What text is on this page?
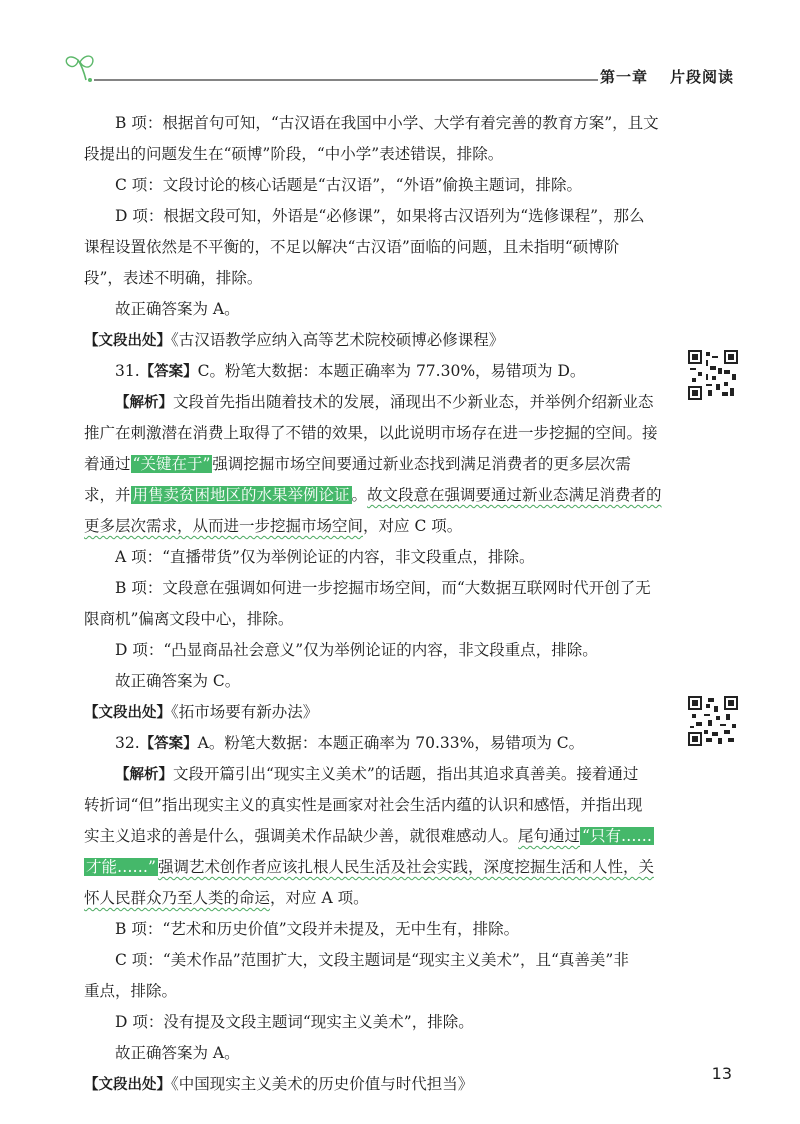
第一章 片段阅读
B 项：根据首句可知，“古汉语在我国中小学、大学有着完善的教育方案”，且文
段提出的问题发生在“硕博”阶段，“中小学”表述错误，排除。
C 项：文段讨论的核心话题是“古汉语”，“外语”偷换主题词，排除。
D 项：根据文段可知，外语是“必修课”，如果将古汉语列为“选修课程”，那么
课程设置依然是不平衡的，不足以解决“古汉语”面临的问题，且未指明“硕博阶
段”，表述不明确，排除。
故正确答案为 A。
【文段出处】《古汉语教学应纳入高等艺术院校硕博必修课程》
31.【答案】C。粉笔大数据：本题正确率为 77.30%，易错项为 D。
【解析】文段首先指出随着技术的发展，涌现出不少新业态，并举例介绍新业态
推广在刺激潜在消费上取得了不错的效果，以此说明市场存在进一步挖掘的空间。接
着通过 “关键在于” 强调挖掘市场空间要通过新业态找到满足消费者的更多层次需
求，并 用售卖贫困地区的水果举例论证 。故文段意在强调要通过新业态满足消费者的
更多层次需求，从而进一步挖掘市场空间，对应 C 项。
A 项：“直播带货”仅为举例论证的内容，非文段重点，排除。
B 项：文段意在强调如何进一步挖掘市场空间，而“大数据互联网时代开创了无
限商机”偏离文段中心，排除。
D 项：“凸显商品社会意义”仅为举例论证的内容，非文段重点，排除。
故正确答案为 C。
【文段出处】《拓市场要有新办法》
32.【答案】A。粉笔大数据：本题正确率为 70.33%，易错项为 C。
【解析】文段开篇引出“现实主义美术”的话题，指出其追求真善美。接着通过
转折词“但”指出现实主义的真实性是画家对社会生活内蕴的认识和感悟，并指出现
实主义追求的善是什么，强调美术作品缺少善，就很难感动人。尾句通过 “只有……
才能……” 强调艺术创作者应该扎根人民生活及社会实践，深度挖掘生活和人性，关
怀人民群众乃至人类的命运，对应 A 项。
B 项：“艺术和历史价值”文段并未提及，无中生有，排除。
C 项：“美术作品”范围扩大，文段主题词是“现实主义美术”，且“真善美”非
重点，排除。
D 项：没有提及文段主题词“现实主义美术”，排除。
故正确答案为 A。
【文段出处】《中国现实主义美术的历史价值与时代担当》
13
